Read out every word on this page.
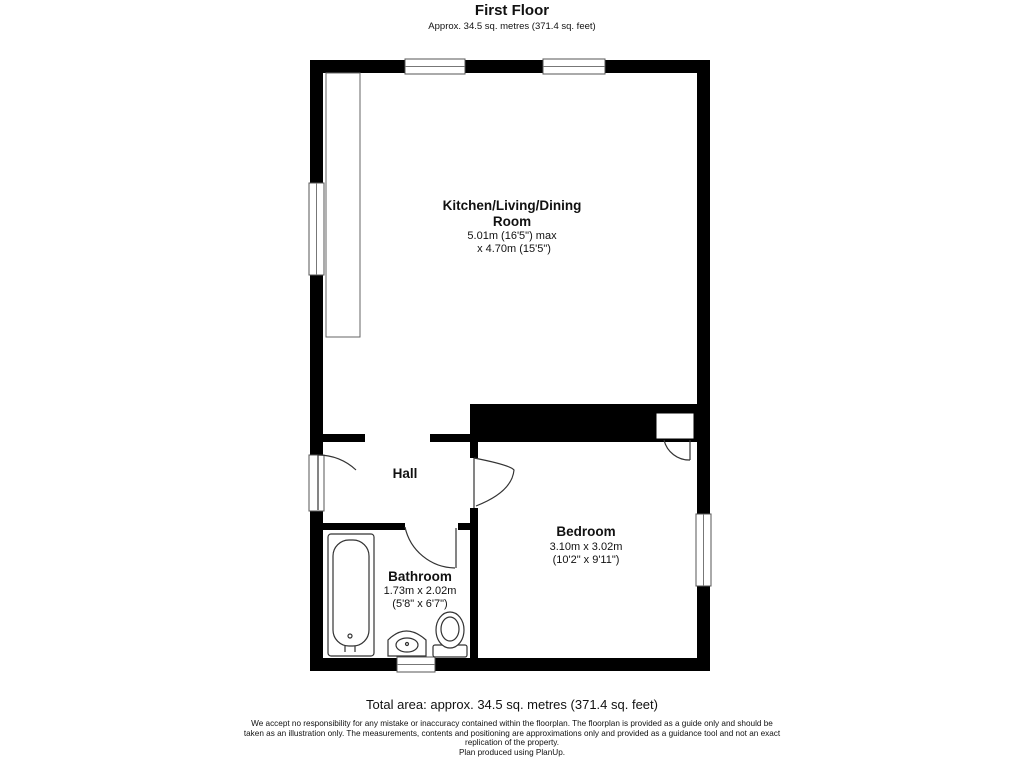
First Floor
Approx. 34.5 sq. metres (371.4 sq. feet)
Kitchen/Living/Dining
Room
5.01m (16'5") max
x 4.70m (15'5")
Hall
Bedroom
3.10m x 3.02m
(10'2" x 9'11")
Bathroom
1.73m x 2.02m
(5'8" x 6'7")
Total area: approx. 34.5 sq. metres (371.4 sq. feet)
We accept no responsibility for any mistake or inaccuracy contained within the floorplan. The floorplan is provided as a guide only and should be taken as an illustration only. The measurements, contents and positioning are approximations only and provided as a guidance tool and not an exact replication of the property.
Plan produced using PlanUp.
